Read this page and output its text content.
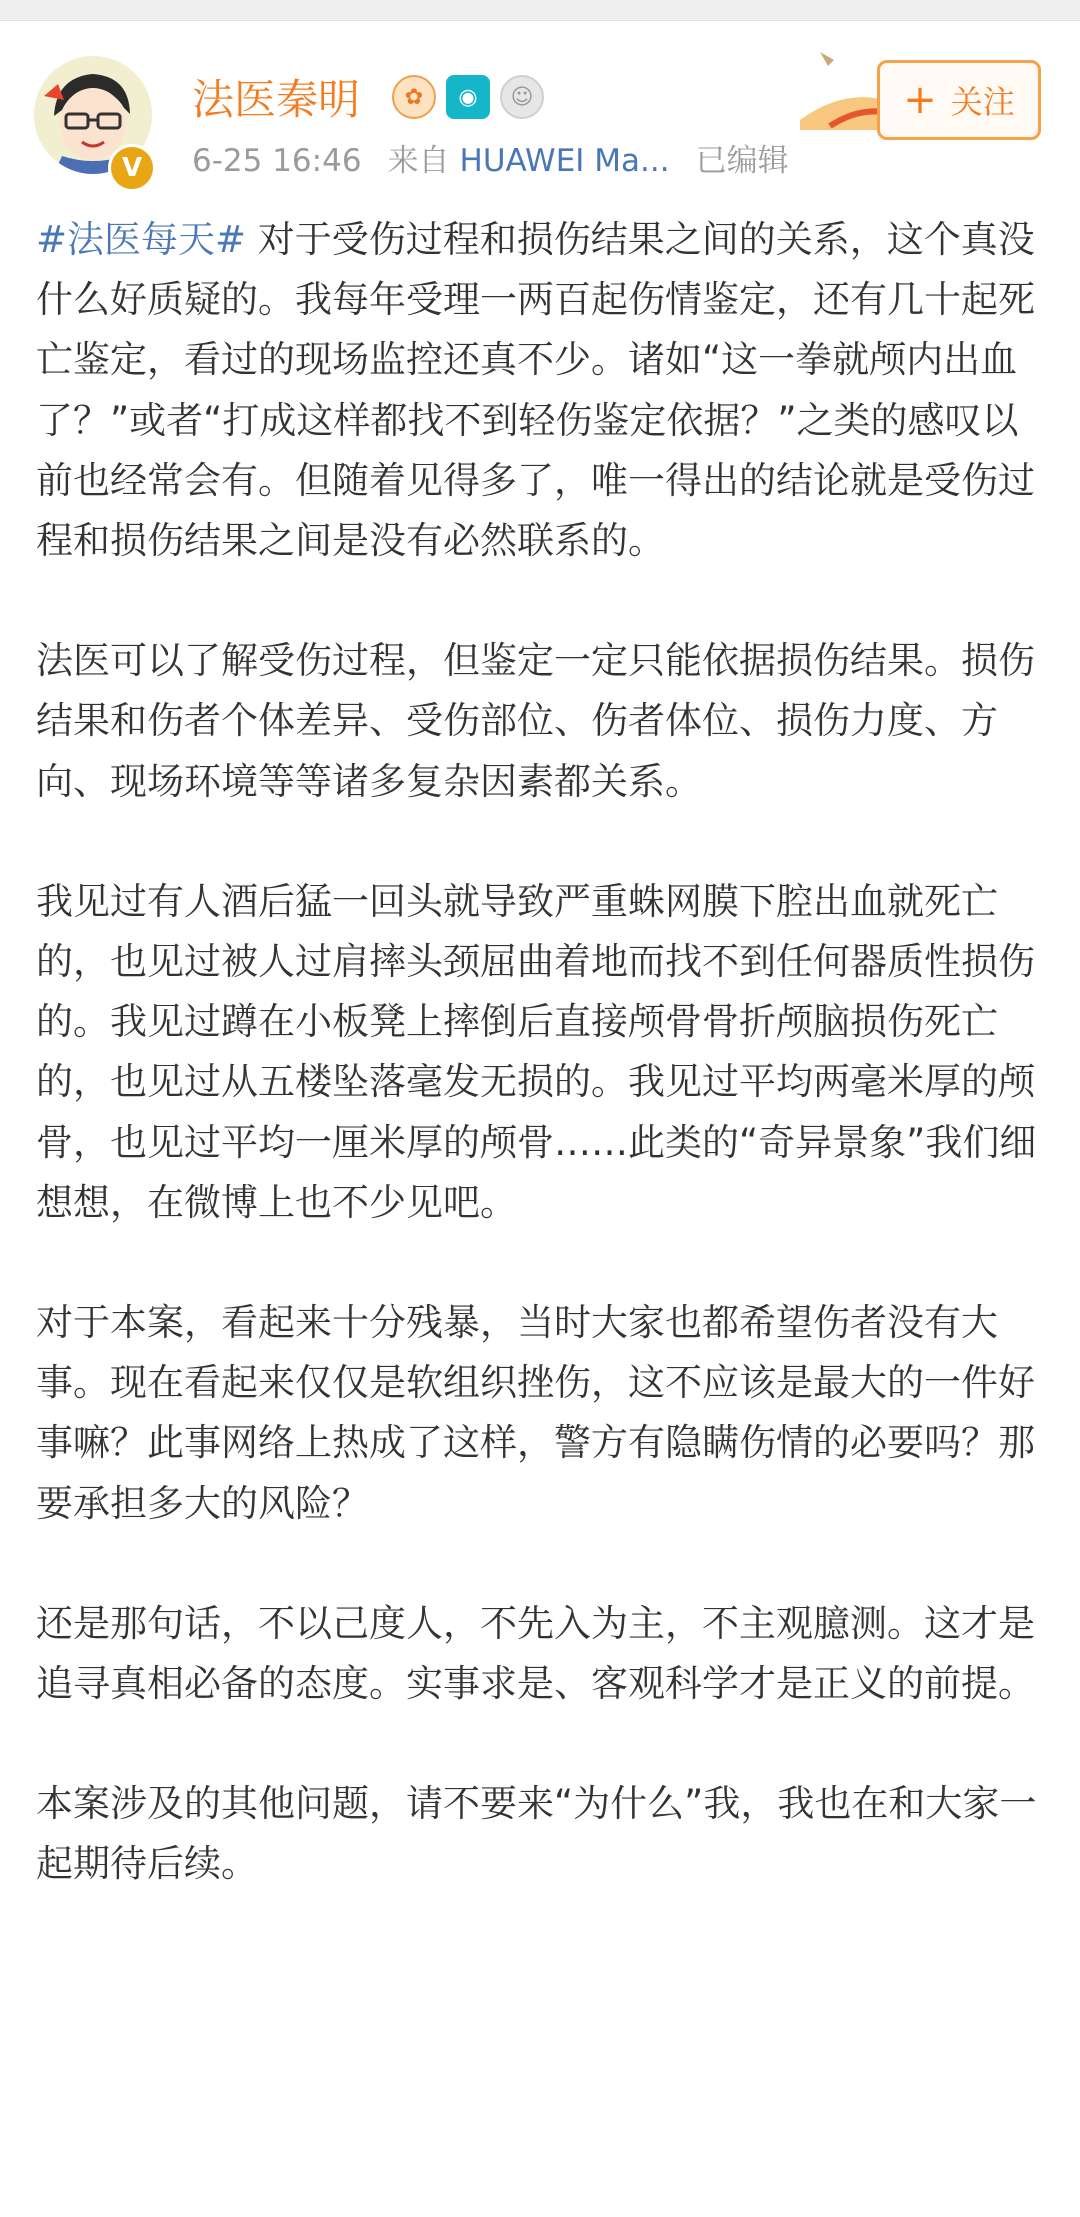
V
法医秦明	✿	◉	☺
6-25 16:46 来自 HUAWEI Ma... 已编辑
+ 关注

#法医每天# 对于受伤过程和损伤结果之间的关系，这个真没什么好质疑的。我每年受理一两百起伤情鉴定，还有几十起死亡鉴定，看过的现场监控还真不少。诸如“这一拳就颅内出血了？”或者“打成这样都找不到轻伤鉴定依据？”之类的感叹以前也经常会有。但随着见得多了，唯一得出的结论就是受伤过程和损伤结果之间是没有必然联系的。

法医可以了解受伤过程，但鉴定一定只能依据损伤结果。损伤结果和伤者个体差异、受伤部位、伤者体位、损伤力度、方向、现场环境等等诸多复杂因素都关系。

我见过有人酒后猛一回头就导致严重蛛网膜下腔出血就死亡的，也见过被人过肩摔头颈屈曲着地而找不到任何器质性损伤的。我见过蹲在小板凳上摔倒后直接颅骨骨折颅脑损伤死亡的，也见过从五楼坠落毫发无损的。我见过平均两毫米厚的颅骨，也见过平均一厘米厚的颅骨……此类的“奇异景象”我们细想想，在微博上也不少见吧。

对于本案，看起来十分残暴，当时大家也都希望伤者没有大事。现在看起来仅仅是软组织挫伤，这不应该是最大的一件好事嘛？此事网络上热成了这样，警方有隐瞒伤情的必要吗？那要承担多大的风险？

还是那句话，不以己度人，不先入为主，不主观臆测。这才是追寻真相必备的态度。实事求是、客观科学才是正义的前提。

本案涉及的其他问题，请不要来“为什么”我，我也在和大家一起期待后续。
